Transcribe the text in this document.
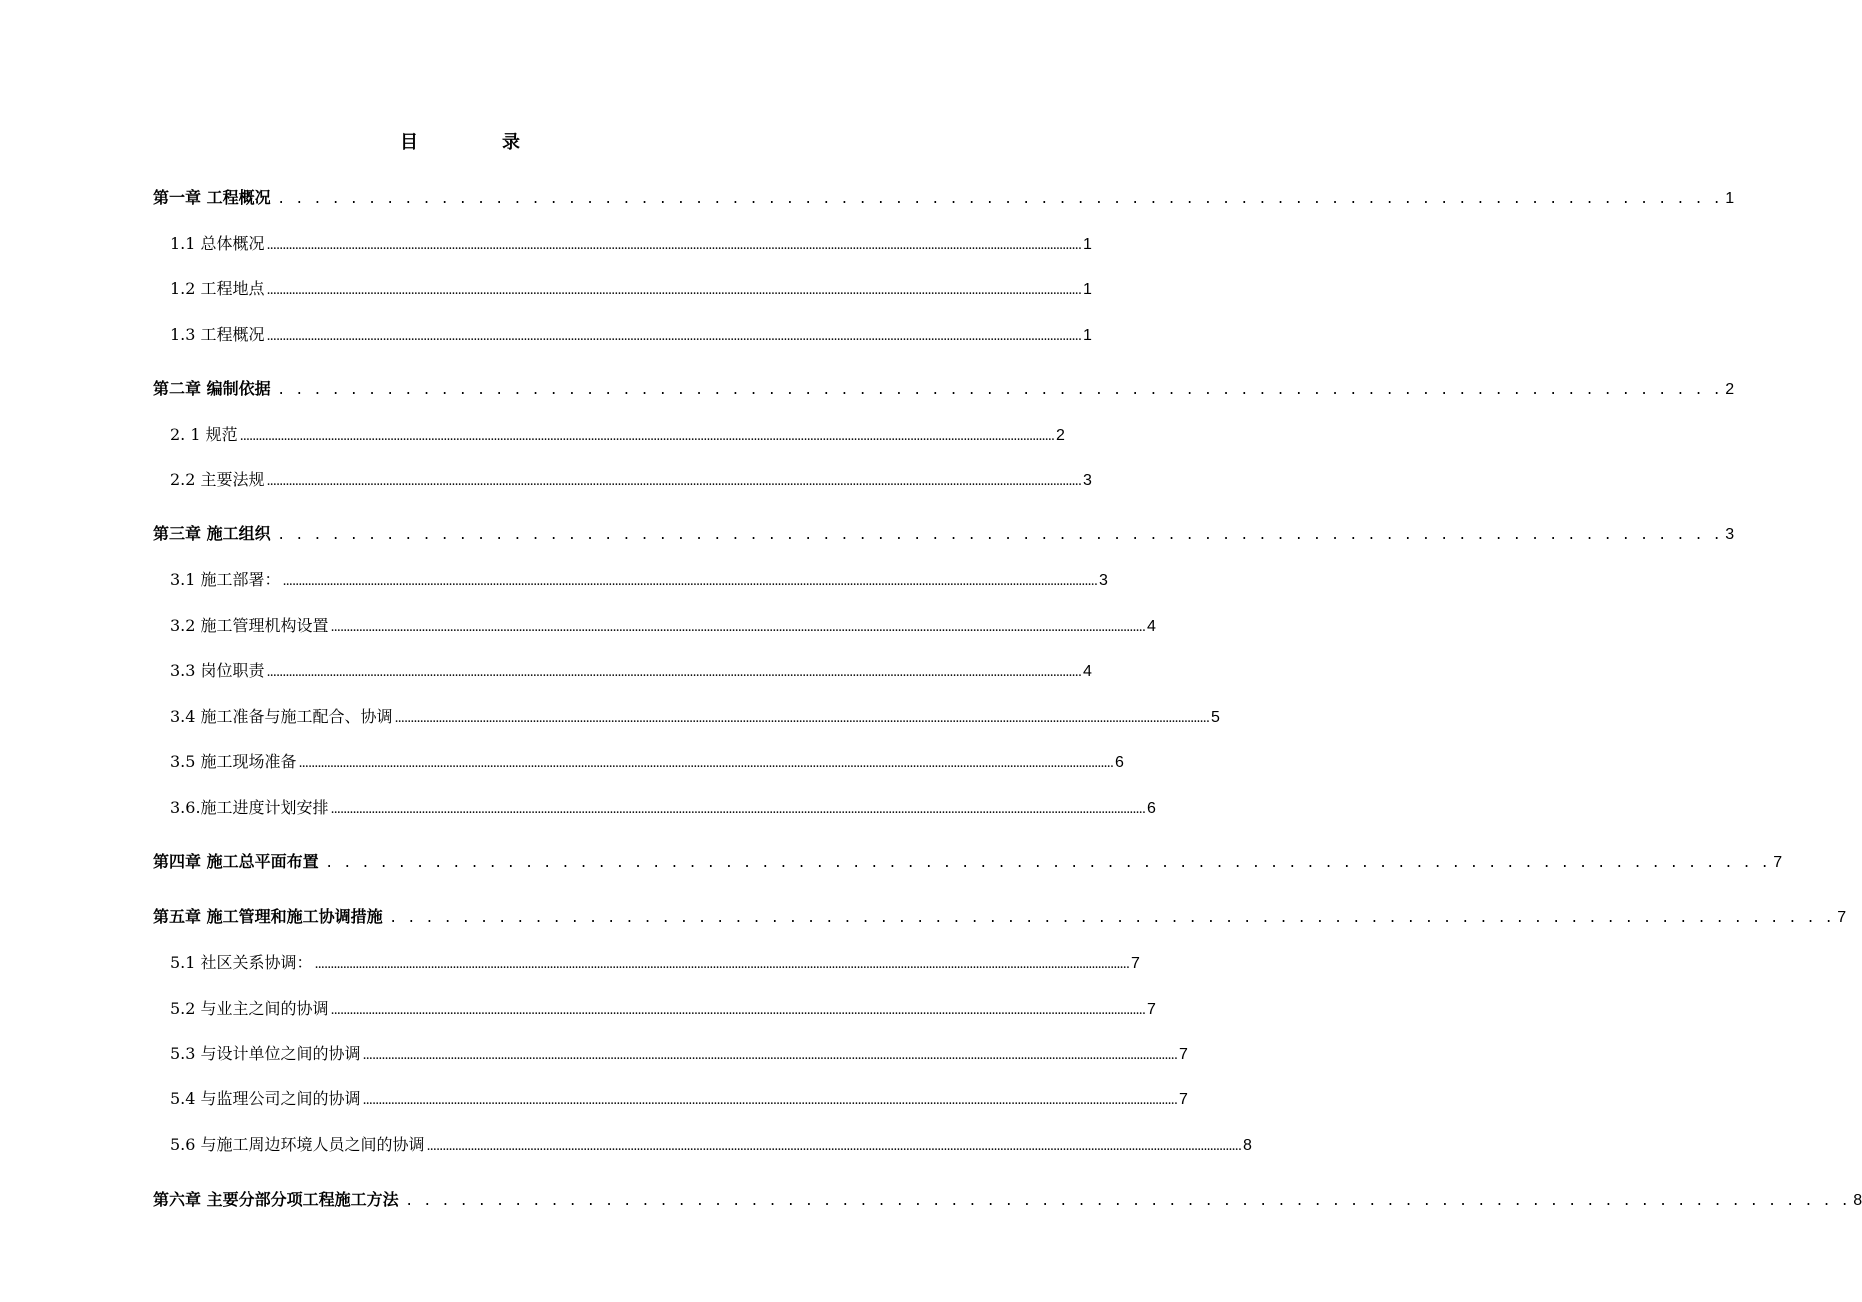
目	录
第一章 工程概况 . . . . . . . . . . . . . . . . . . . . . . . . . . . . . . . . . . . . . . . . . . . . . . . . . . . . . . . . . . . . . . . . . . . . . . . . . . . . . . . . 1
1.1 总体概况 .................................................................................................................................................................................................................................................................... 1
1.2 工程地点 .................................................................................................................................................................................................................................................................... 1
1.3 工程概况 .................................................................................................................................................................................................................................................................... 1
第二章 编制依据 . . . . . . . . . . . . . . . . . . . . . . . . . . . . . . . . . . . . . . . . . . . . . . . . . . . . . . . . . . . . . . . . . . . . . . . . . . . . . . . . 2
2. 1 规范 .................................................................................................................................................................................................................................................................... 2
2.2 主要法规 .................................................................................................................................................................................................................................................................... 3
第三章 施工组织 . . . . . . . . . . . . . . . . . . . . . . . . . . . . . . . . . . . . . . . . . . . . . . . . . . . . . . . . . . . . . . . . . . . . . . . . . . . . . . . . 3
3.1 施工部署： .................................................................................................................................................................................................................................................................... 3
3.2 施工管理机构设置 .................................................................................................................................................................................................................................................................... 4
3.3 岗位职责 .................................................................................................................................................................................................................................................................... 4
3.4 施工准备与施工配合、协调 .................................................................................................................................................................................................................................................................... 5
3.5 施工现场准备 .................................................................................................................................................................................................................................................................... 6
3.6.施工进度计划安排 .................................................................................................................................................................................................................................................................... 6
第四章 施工总平面布置 . . . . . . . . . . . . . . . . . . . . . . . . . . . . . . . . . . . . . . . . . . . . . . . . . . . . . . . . . . . . . . . . . . . . . . . . . . . . . . . . 7
第五章 施工管理和施工协调措施 . . . . . . . . . . . . . . . . . . . . . . . . . . . . . . . . . . . . . . . . . . . . . . . . . . . . . . . . . . . . . . . . . . . . . . . . . . . . . . . . 7
5.1 社区关系协调： .................................................................................................................................................................................................................................................................... 7
5.2 与业主之间的协调 .................................................................................................................................................................................................................................................................... 7
5.3 与设计单位之间的协调 .................................................................................................................................................................................................................................................................... 7
5.4 与监理公司之间的协调 .................................................................................................................................................................................................................................................................... 7
5.6 与施工周边环境人员之间的协调 .................................................................................................................................................................................................................................................................... 8
第六章 主要分部分项工程施工方法 . . . . . . . . . . . . . . . . . . . . . . . . . . . . . . . . . . . . . . . . . . . . . . . . . . . . . . . . . . . . . . . . . . . . . . . . . . . . . . . . 8
